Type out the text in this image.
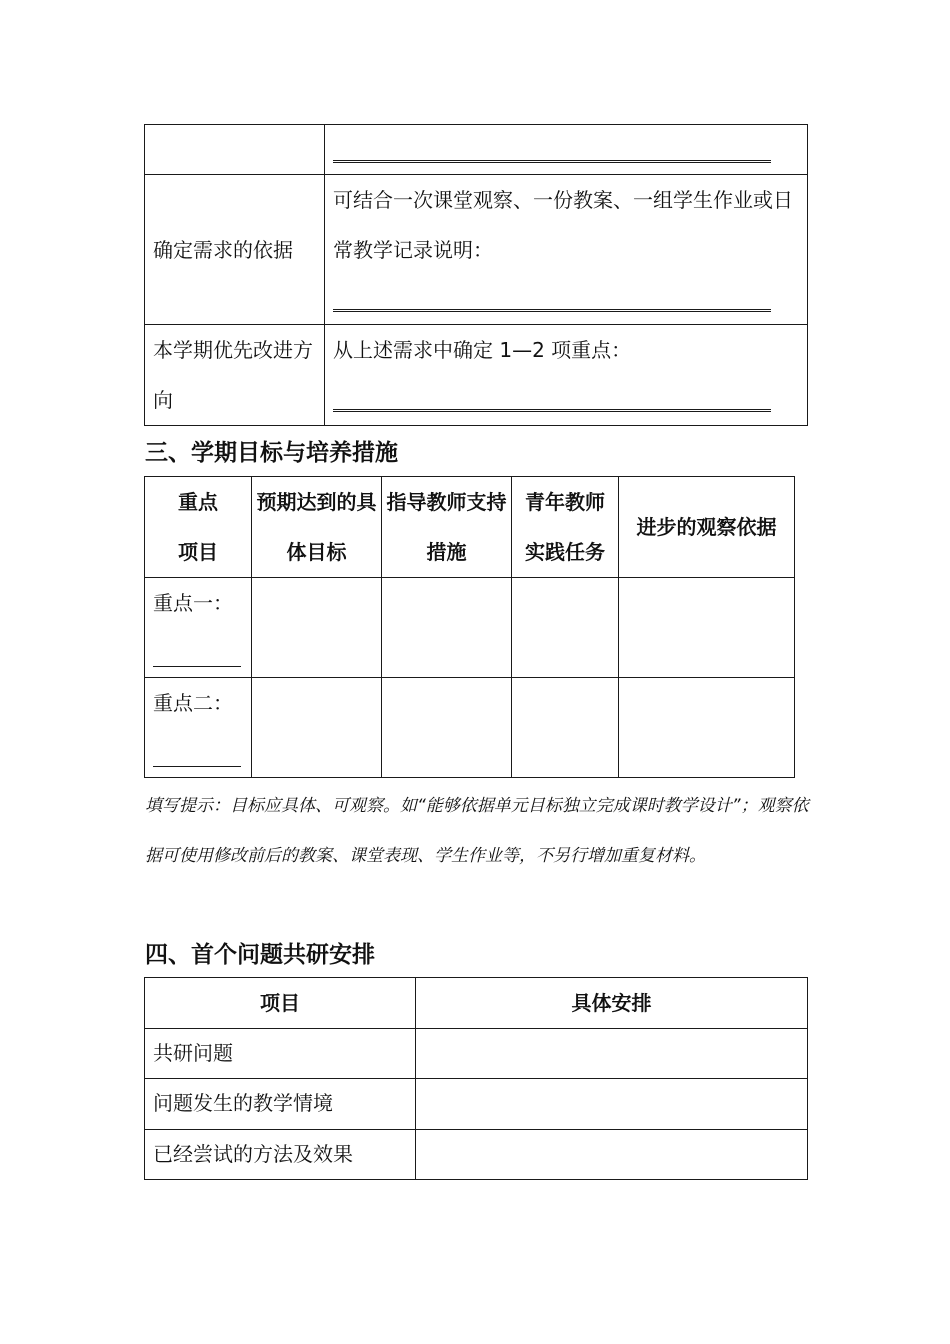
确定需求的依据	可结合一次课堂观察、一份教案、一组学生作业或日常教学记录说明：

本学期优先改进方向	从上述需求中确定 1—2 项重点：
三、学期目标与培养措施
重点项目	预期达到的具体目标	指导教师支持措施	青年教师实践任务	进步的观察依据

重点一：				

重点二：				

填写提示：目标应具体、可观察。如“能够依据单元目标独立完成课时教学设计”；观察依据可使用修改前后的教案、课堂表现、学生作业等，不另行增加重复材料。

四、首个问题共研安排
项目	具体安排
共研问题	
问题发生的教学情境	
已经尝试的方法及效果	
